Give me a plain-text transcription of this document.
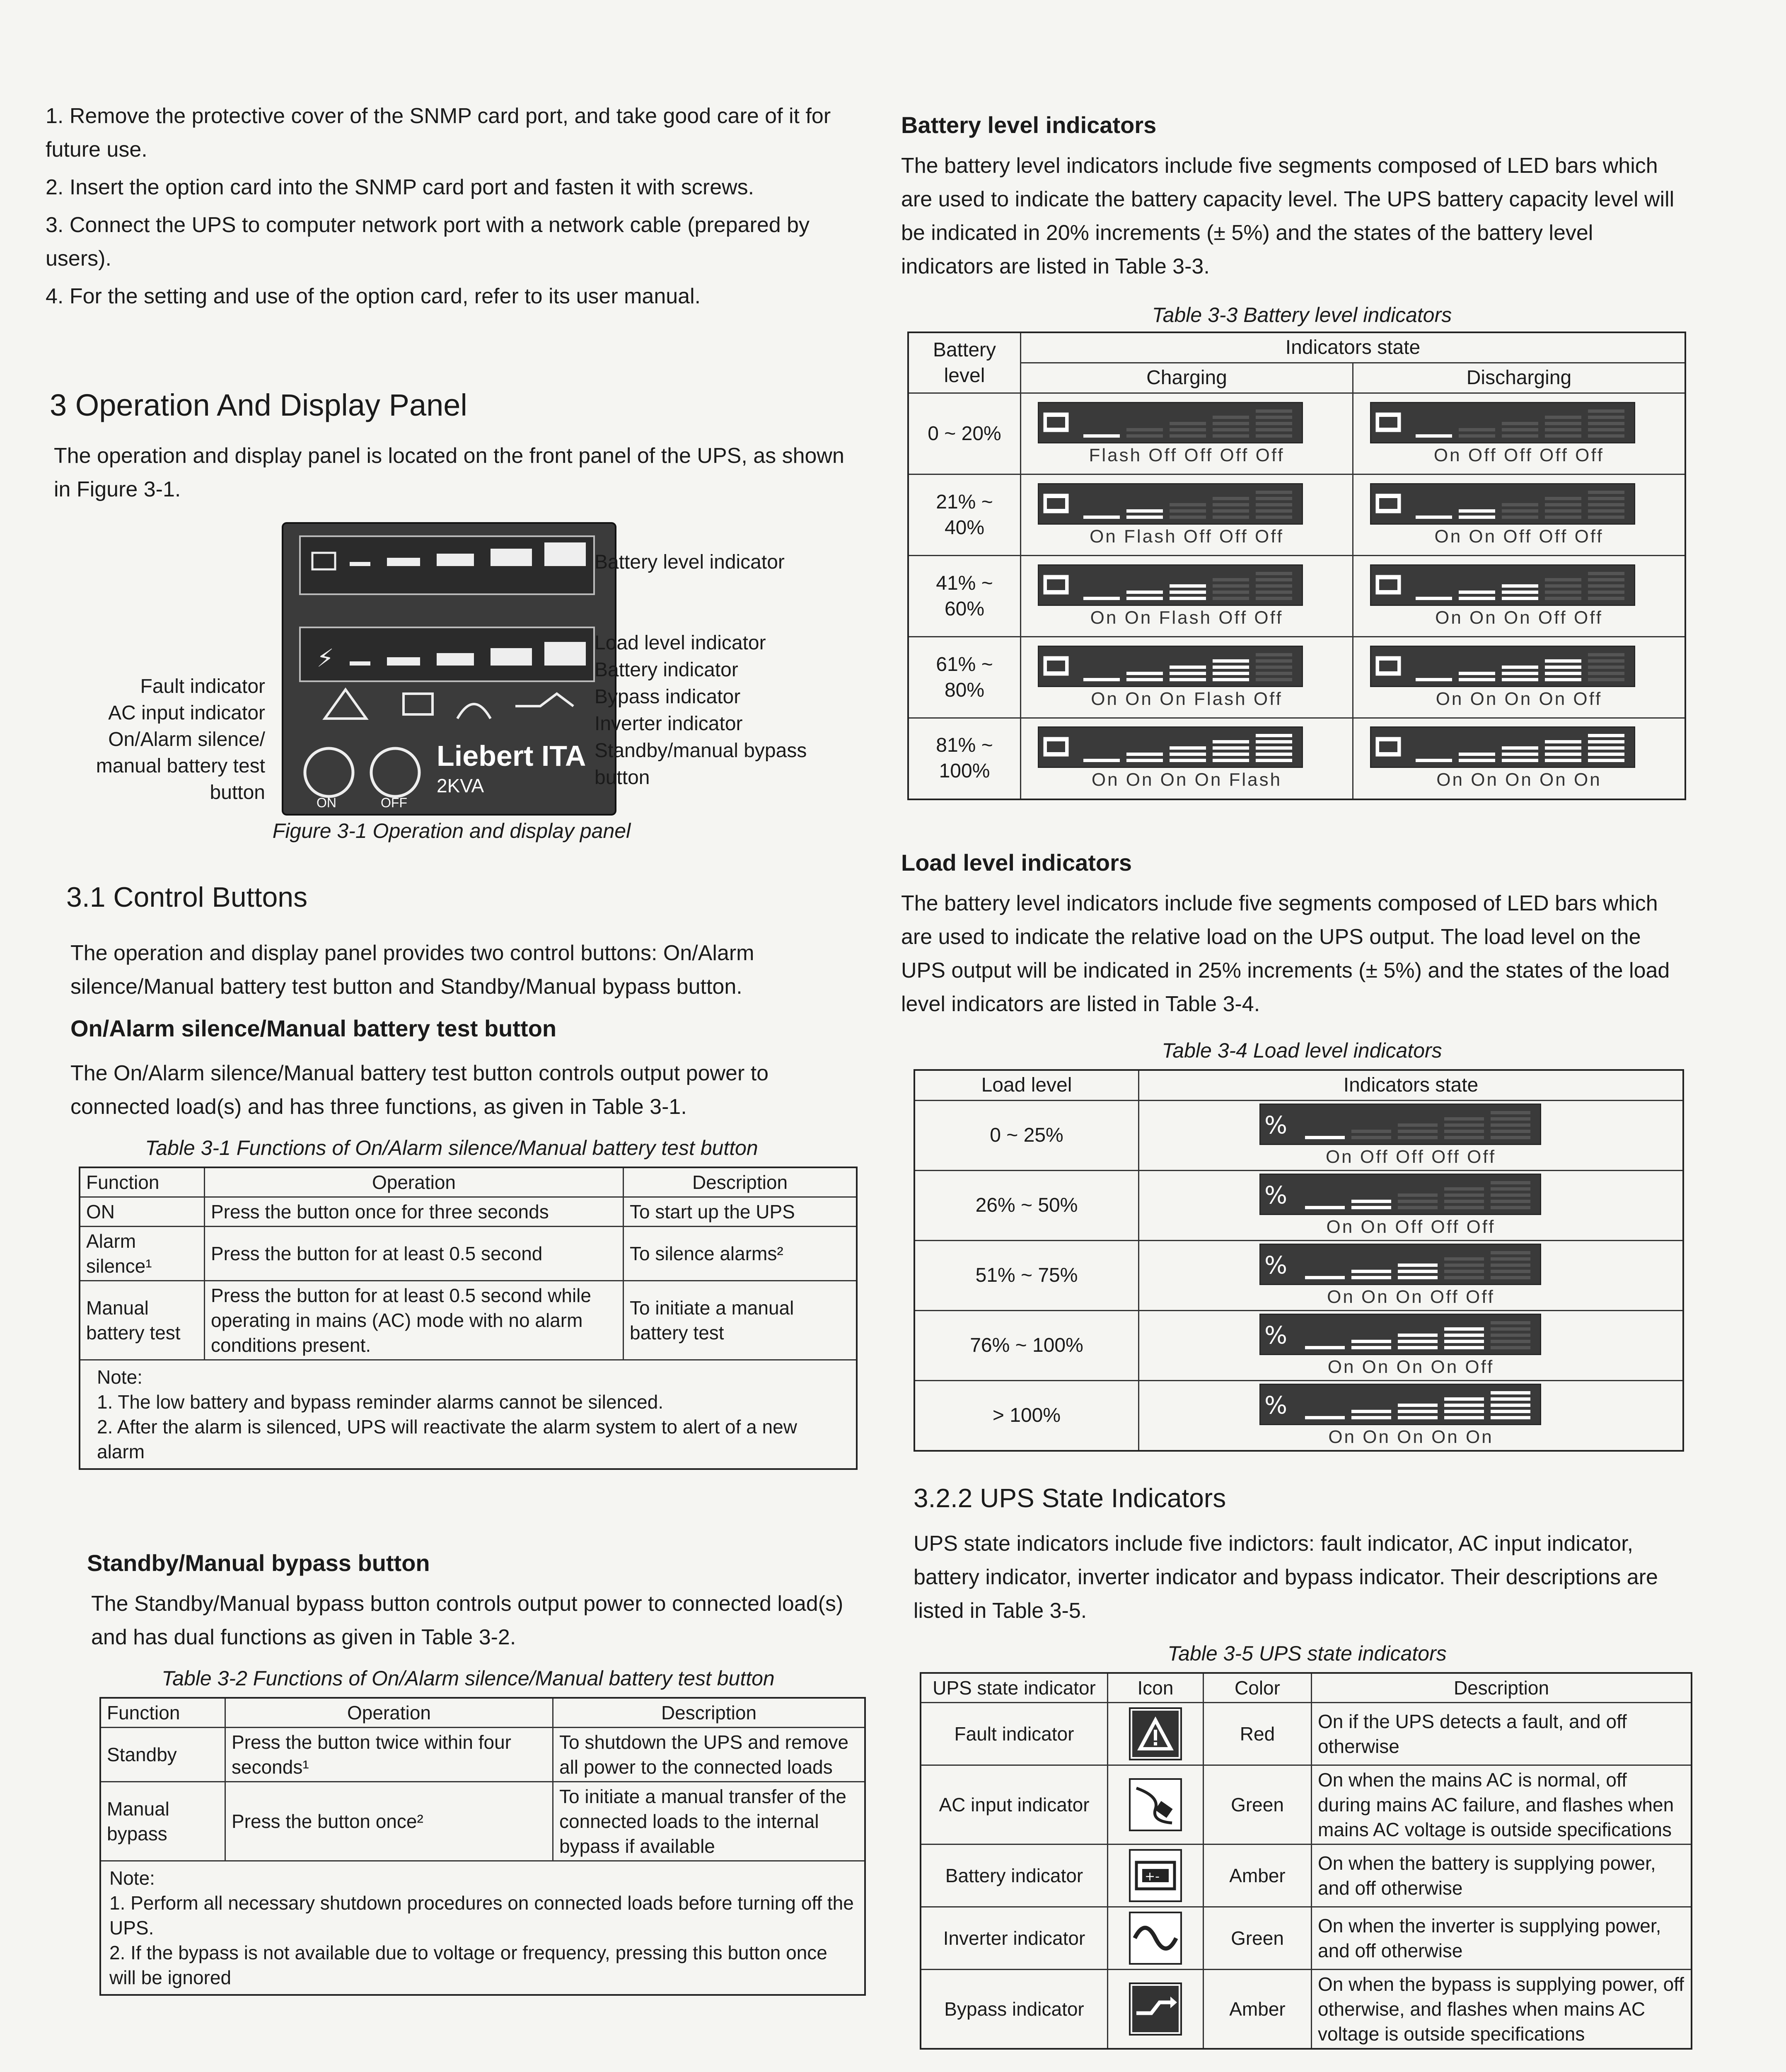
1. Remove the protective cover of the SNMP card port, and take good care of it for future use.

2. Insert the option card into the SNMP card port and fasten it with screws.

3. Connect the UPS to computer network port with a network cable (prepared by users).

4. For the setting and use of the option card, refer to its user manual.

3 Operation And Display Panel

The operation and display panel is located on the front panel of the UPS, as shown in Figure 3-1.

⚡
Liebert ITA
2KVA
ON	OFF
Battery level indicator
Load level indicator
Battery indicator
Bypass indicator
Inverter indicator
Standby/manual bypass
button
Fault indicator
AC input indicator
On/Alarm silence/
manual battery test
button

Figure 3-1 Operation and display panel

3.1 Control Buttons

The operation and display panel provides two control buttons: On/Alarm silence/Manual battery test button and Standby/Manual bypass button.

On/Alarm silence/Manual battery test button

The On/Alarm silence/Manual battery test button controls output power to connected load(s) and has three functions, as given in Table 3-1.

Table 3-1 Functions of On/Alarm silence/Manual battery test button

Function	Operation	Description
ON	Press the button once for three seconds	To start up the UPS
Alarm silence¹	Press the button for at least 0.5 second	To silence alarms²
Manual battery test	Press the button for at least 0.5 second while operating in mains (AC) mode with no alarm conditions present.	To initiate a manual battery test

Note:
1. The low battery and bypass reminder alarms cannot be silenced.
2. After the alarm is silenced, UPS will reactivate the alarm system to alert of a new alarm		

Standby/Manual bypass button

The Standby/Manual bypass button controls output power to connected load(s) and has dual functions as given in Table 3-2.

Table 3-2 Functions of On/Alarm silence/Manual battery test button

Function	Operation	Description
Standby	Press the button twice within four seconds¹	To shutdown the UPS and remove all power to the connected loads
Manual bypass	Press the button once²	To initiate a manual transfer of the connected loads to the internal bypass if available

Note:
1. Perform all necessary shutdown procedures on connected loads before turning off the UPS.
2. If the bypass is not available due to voltage or frequency, pressing this button once will be ignored		

Battery level indicators

The battery level indicators include five segments composed of LED bars which are used to indicate the battery capacity level. The UPS battery capacity level will be indicated in 20% increments (± 5%) and the states of the battery level indicators are listed in Table 3-3.

Table 3-3 Battery level indicators

Battery level	Indicators state	
	Charging	Discharging
0 ~ 20%	Flash Off Off Off Off	On Off Off Off Off

21% ~ 40%	On Flash Off Off Off	On On Off Off Off

41% ~ 60%	On On Flash Off Off	On On On Off Off

61% ~ 80%	On On On Flash Off	On On On On Off

81% ~ 100%	On On On On Flash	On On On On On

Load level indicators

The battery level indicators include five segments composed of LED bars which are used to indicate the relative load on the UPS output. The load level on the UPS output will be indicated in 25% increments (± 5%) and the states of the load level indicators are listed in Table 3-4.

Table 3-4 Load level indicators

Load level	Indicators state
0 ~ 25%	%
On Off Off Off Off

26% ~ 50%	%
On On Off Off Off

51% ~ 75%	%
On On On Off Off

76% ~ 100%	%
On On On On Off

> 100%	%
On On On On On

3.2.2 UPS State Indicators

UPS state indicators include five indictors: fault indicator, AC input indicator, battery indicator, inverter indicator and bypass indicator. Their descriptions are listed in Table 3-5.

Table 3-5 UPS state indicators

UPS state indicator	Icon	Color	Description
Fault indicator		Red	On if the UPS detects a fault, and off otherwise
AC input indicator		Green	On when the mains AC is normal, off during mains AC failure, and flashes when mains AC voltage is outside specifications
Battery indicator	+-	Amber	On when the battery is supplying power, and off otherwise
Inverter indicator		Green	On when the inverter is supplying power, and off otherwise
Bypass indicator		Amber	On when the bypass is supplying power, off otherwise, and flashes when mains AC voltage is outside specifications
